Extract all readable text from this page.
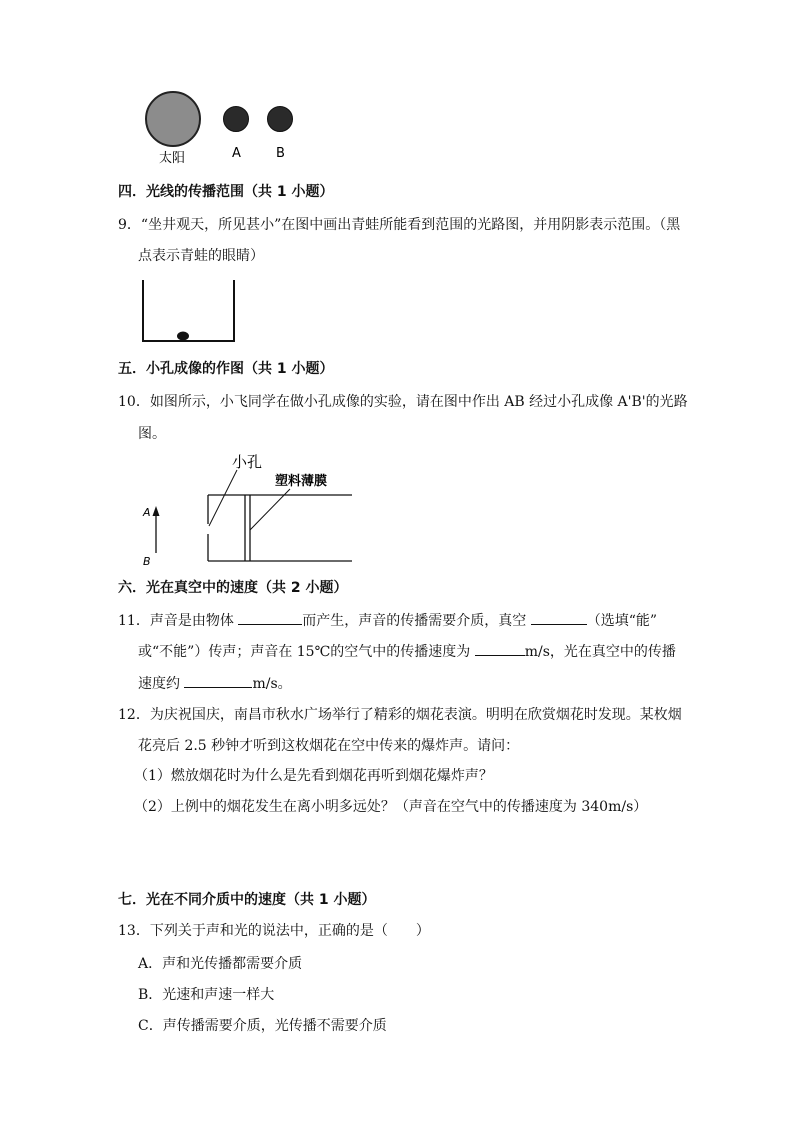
太阳	A	B
四．光线的传播范围（共 1 小题）
9．“坐井观天，所见甚小”在图中画出青蛙所能看到范围的光路图，并用阴影表示范围。（黑
点表示青蛙的眼睛）
五．小孔成像的作图（共 1 小题）
10．如图所示，小飞同学在做小孔成像的实验，请在图中作出 AB 经过小孔成像 A'B'的光路
图。
小孔
塑料薄膜
A
B
六．光在真空中的速度（共 2 小题）
11．声音是由物体	而产生，声音的传播需要介质，真空	（选填“能”
或“不能”）传声；声音在 15℃的空气中的传播速度为	m/s，光在真空中的传播
速度约	m/s。
12．为庆祝国庆，南昌市秋水广场举行了精彩的烟花表演。明明在欣赏烟花时发现。某枚烟
花亮后 2.5 秒钟才听到这枚烟花在空中传来的爆炸声。请问：
（1）燃放烟花时为什么是先看到烟花再听到烟花爆炸声？
（2）上例中的烟花发生在离小明多远处？（声音在空气中的传播速度为 340m/s）
七．光在不同介质中的速度（共 1 小题）
13．下列关于声和光的说法中，正确的是（　　）
A．声和光传播都需要介质
B．光速和声速一样大
C．声传播需要介质，光传播不需要介质
